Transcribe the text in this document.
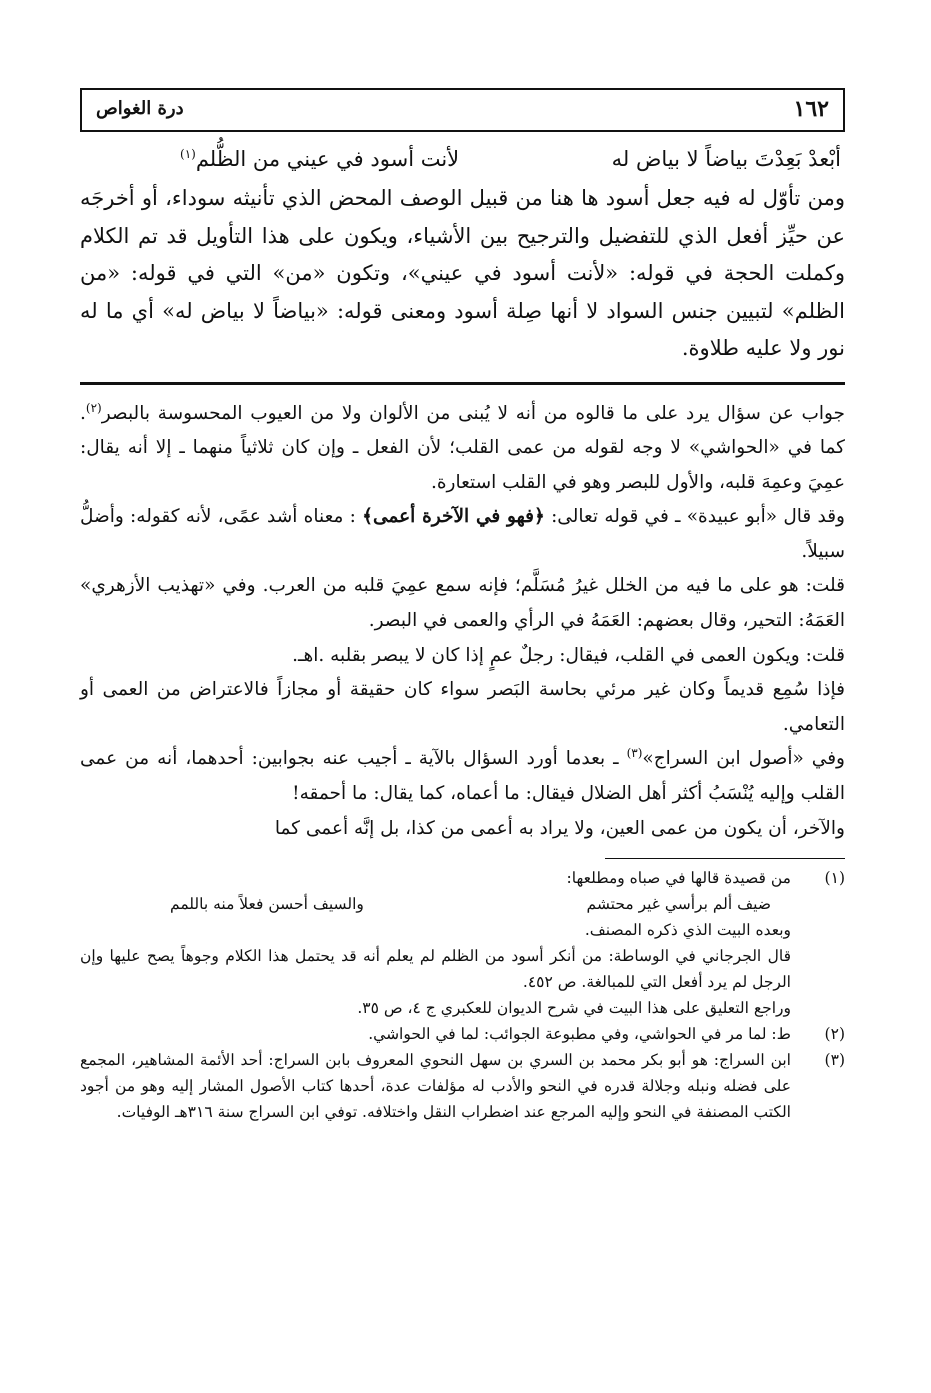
١٦٢
درة الغواص
أبْعدْ بَعِدْتَ بياضاً لا بياض له
لأنت أسود في عيني من الظُّلم$^{(١)}$

ومن تأوّل له فيه جعل أسود ها هنا من قبيل الوصف المحض الذي تأنيثه سوداء، أو أخرجَه عن حيِّز أفعل الذي للتفضيل والترجيح بين الأشياء، ويكون على هذا التأويل قد تم الكلام وكملت الحجة في قوله: «لأنت أسود في عيني»، وتكون «من» التي في قوله: «من الظلم» لتبيين جنس السواد لا أنها صِلة أسود ومعنى قوله: «بياضاً لا بياض له» أي ما له نور ولا عليه طلاوة.

جواب عن سؤال يرد على ما قالوه من أنه لا يُبنى من الألوان ولا من العيوب المحسوسة بالبصر$^{(٢)}$. كما في «الحواشي» لا وجه لقوله من عمى القلب؛ لأن الفعل ـ وإن كان ثلاثياً منهما ـ إلا أنه يقال: عمِيَ وعمِهَ قلبه، والأول للبصر وهو في القلب استعارة.

وقد قال «أبو عبيدة» ـ في قوله تعالى: ﴿فهو في الآخرة أعمى﴾ : معناه أشد عمًى، لأنه كقوله: وأضلُّ سبيلاً.

قلت: هو على ما فيه من الخلل غيرُ مُسَلَّم؛ فإنه سمع عمِيَ قلبه من العرب. وفي «تهذيب الأزهري» العَمَهُ: التحير، وقال بعضهم: العَمَهُ في الرأي والعمى في البصر.

قلت: ويكون العمى في القلب، فيقال: رجلٌ عمٍ إذا كان لا يبصر بقلبه .اهـ.

فإذا سُمِع قديماً وكان غير مرئي بحاسة البَصر سواء كان حقيقة أو مجازاً فالاعتراض من العمى أو التعامي.

وفي «أصول ابن السراج»$^{(٣)}$ ـ بعدما أورد السؤال بالآية ـ أجيب عنه بجوابين: أحدهما، أنه من عمى القلب وإليه يُنْسَبُ أكثر أهل الضلال فيقال: ما أعماه، كما يقال: ما أحمقه!

والآخر، أن يكون من عمى العين، ولا يراد به أعمى من كذا، بل إنَّه أعمى كما

(١)

من قصيدة قالها في صباه ومطلعها:

ضيف ألم برأسي غير محتشم
والسيف أحسن فعلاً منه باللمم

وبعده البيت الذي ذكره المصنف.

قال الجرجاني في الوساطة: من أنكر أسود من الظلم لم يعلم أنه قد يحتمل هذا الكلام وجوهاً يصح عليها وإن الرجل لم يرد أفعل التي للمبالغة. ص ٤٥٢.

وراجع التعليق على هذا البيت في شرح الديوان للعكبري ج ٤، ص ٣٥.

(٢)

ط: لما مر في الحواشي، وفي مطبوعة الجوائب: لما في الحواشي.

(٣)

ابن السراج: هو أبو بكر محمد بن السري بن سهل النحوي المعروف بابن السراج: أحد الأئمة المشاهير، المجمع على فضله ونبله وجلالة قدره في النحو والأدب له مؤلفات عدة، أحدها كتاب الأصول المشار إليه وهو من أجود الكتب المصنفة في النحو وإليه المرجع عند اضطراب النقل واختلافه. توفي ابن السراج سنة ٣١٦هـ الوفيات.
